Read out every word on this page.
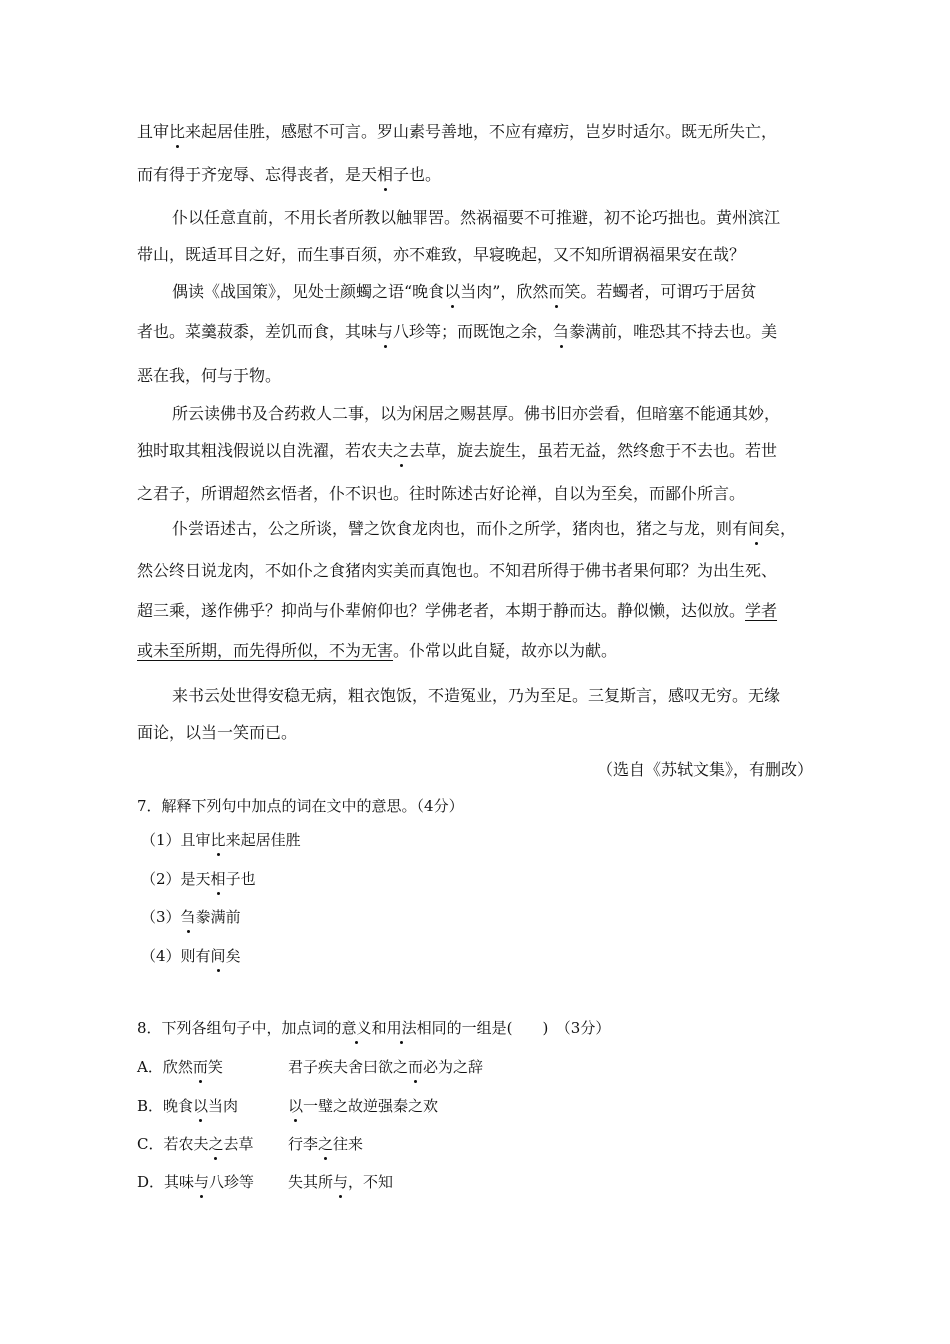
且审比来起居佳胜，感慰不可言。罗山素号善地，不应有瘴疠，岂岁时适尔。既无所失亡，
而有得于齐宠辱、忘得丧者，是天相子也。
仆以任意直前，不用长者所教以触罪罟。然祸福要不可推避，初不论巧拙也。黄州滨江
带山，既适耳目之好，而生事百须，亦不难致，早寝晚起，又不知所谓祸福果安在哉？
偶读《战国策》，见处士颜蠋之语“晚食以当肉”，欣然而笑。若蠋者，可谓巧于居贫
者也。菜羹菽黍，差饥而食，其味与八珍等；而既饱之余，刍豢满前，唯恐其不持去也。美
恶在我，何与于物。
所云读佛书及合药救人二事，以为闲居之赐甚厚。佛书旧亦尝看，但暗塞不能通其妙，
独时取其粗浅假说以自洗濯，若农夫之去草，旋去旋生，虽若无益，然终愈于不去也。若世
之君子，所谓超然玄悟者，仆不识也。往时陈述古好论禅，自以为至矣，而鄙仆所言。
仆尝语述古，公之所谈，譬之饮食龙肉也，而仆之所学，猪肉也，猪之与龙，则有间矣，
然公终日说龙肉，不如仆之食猪肉实美而真饱也。不知君所得于佛书者果何耶？为出生死、
超三乘，遂作佛乎？抑尚与仆辈俯仰也？学佛老者，本期于静而达。静似懒，达似放。学者
或未至所期，而先得所似，不为无害。仆常以此自疑，故亦以为献。
来书云处世得安稳无病，粗衣饱饭，不造冤业，乃为至足。三复斯言，感叹无穷。无缘
面论，以当一笑而已。
（选自《苏轼文集》，有删改）
7．解释下列句中加点的词在文中的意思。（4分）
（1）且审比来起居佳胜
（2）是天相子也
（3）刍豢满前
（4）则有间矣
8．下列各组句子中，加点词的意义和用法相同的一组是(　　)　（3分）
A．欣然而笑	君子疾夫舍曰欲之而必为之辞
B．晚食以当肉	以一璧之故逆强秦之欢
C．若农夫之去草 行李之往来
D．其味与八珍等 失其所与，不知
